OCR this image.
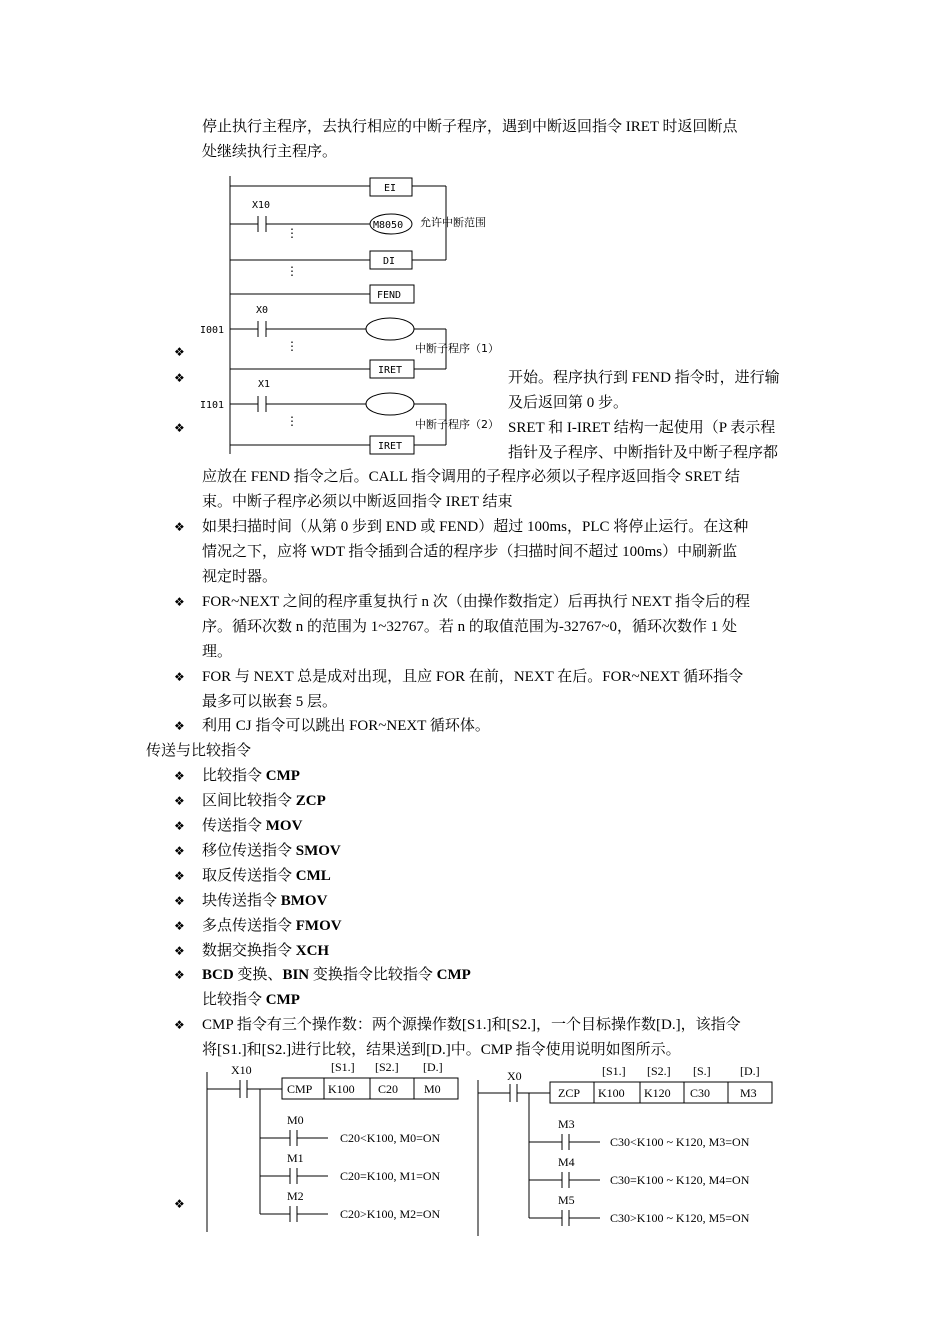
停止执行主程序，去执行相应的中断子程序，遇到中断返回指令 IRET 时返回断点
处继续执行主程序。
开始。程序执行到 FEND 指令时，进行输
及后返回第 0 步。
SRET 和 I-IRET 结构一起使用（P 表示程
指针及子程序、中断指针及中断子程序都
❖
❖
❖
EI
X10
M8050
DI
FEND
X0
I001
IRET
X1
I101
IRET
⋮
⋮
⋮
⋮
允许中断范围
中断子程序（1）
中断子程序（2）
应放在 FEND 指令之后。CALL 指令调用的子程序必须以子程序返回指令 SRET 结
束。中断子程序必须以中断返回指令 IRET 结束
❖ 如果扫描时间（从第 0 步到 END 或 FEND）超过 100ms，PLC 将停止运行。在这种
情况之下，应将 WDT 指令插到合适的程序步（扫描时间不超过 100ms）中刷新监
视定时器。
❖ FOR~NEXT 之间的程序重复执行 n 次（由操作数指定）后再执行 NEXT 指令后的程
序。循环次数 n 的范围为 1~32767。若 n 的取值范围为-32767~0，循环次数作 1 处
理。
❖ FOR 与 NEXT 总是成对出现，且应 FOR 在前，NEXT 在后。FOR~NEXT 循环指令
最多可以嵌套 5 层。
❖ 利用 CJ 指令可以跳出 FOR~NEXT 循环体。
传送与比较指令
❖ 比较指令 CMP
❖ 区间比较指令 ZCP
❖ 传送指令 MOV
❖ 移位传送指令 SMOV
❖ 取反传送指令 CML
❖ 块传送指令 BMOV
❖ 多点传送指令 FMOV
❖ 数据交换指令 XCH
❖ BCD 变换、BIN 变换指令比较指令 CMP
比较指令 CMP
❖ CMP 指令有三个操作数：两个源操作数[S1.]和[S2.]，一个目标操作数[D.]，该指令
将[S1.]和[S2.]进行比较，结果送到[D.]中。CMP 指令使用说明如图所示。
❖
X10	[S1.] [S2.] [D.]
CMP K100 C20 M0
M0
M1
M2
C20<K100, M0=ON
C20=K100, M1=ON
C20>K100, M2=ON
X0	[S1.] [S2.] [S.] [D.]
ZCP K100 K120 C30 M3
M3
M4
M5
C30<K100 ~ K120, M3=ON
C30=K100 ~ K120, M4=ON
C30>K100 ~ K120, M5=ON
